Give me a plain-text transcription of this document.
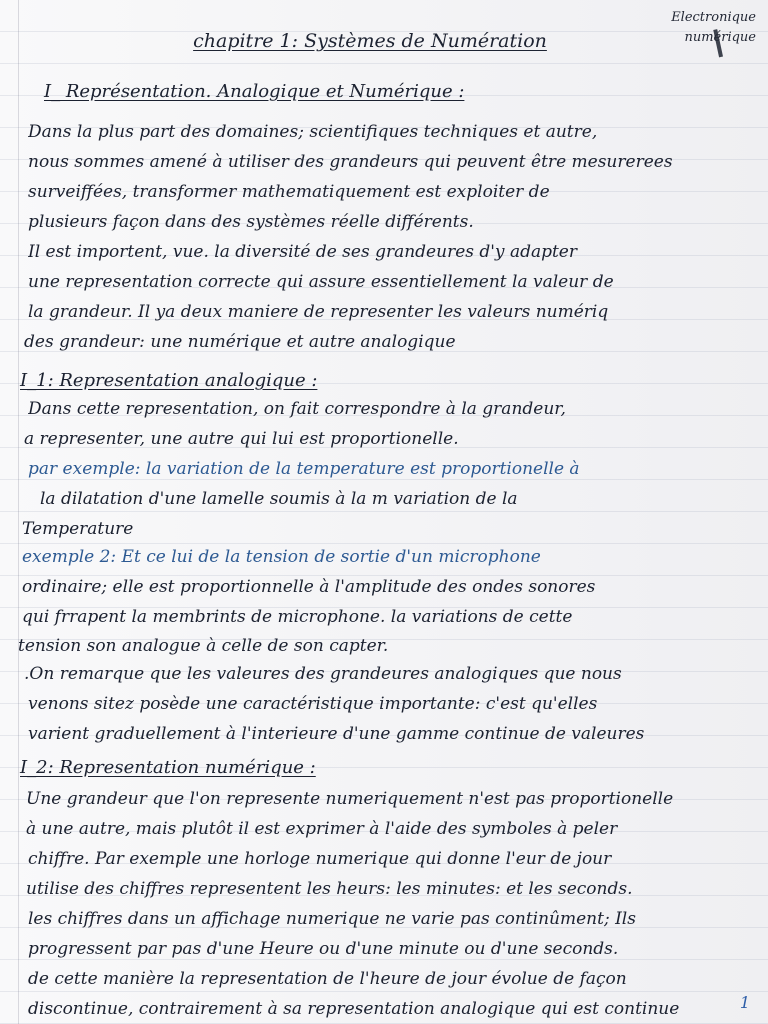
Electronique
numérique
chapitre 1: Systèmes de Numération
I_ Représentation. Analogique et Numérique :
Dans la plus part des domaines; scientifiques techniques et autre,
nous sommes amené à utiliser des grandeurs qui peuvent être mesurerees
surveiffées, transformer mathematiquement est exploiter de
plusieurs façon dans des systèmes réelle différents.
Il est importent, vue. la diversité de ses grandeures d'y adapter
une representation correcte qui assure essentiellement la valeur de
la grandeur. Il ya deux maniere de representer les valeurs numériq
des grandeur: une numérique et autre analogique
I_1: Representation analogique :
Dans cette representation, on fait correspondre à la grandeur,
a representer, une autre qui lui est proportionelle.
par exemple: la variation de la temperature est proportionelle à
la dilatation d'une lamelle soumis à la m variation de la
Temperature
exemple 2: Et ce lui de la tension de sortie d'un microphone
ordinaire; elle est proportionnelle à l'amplitude des ondes sonores
qui frrapent la membrints de microphone. la variations de cette
tension son analogue à celle de son capter.
.On remarque que les valeures des grandeures analogiques que nous
venons sitez posède une caractéristique importante: c'est qu'elles
varient graduellement à l'interieure d'une gamme continue de valeures
I_2: Representation numérique :
Une grandeur que l'on represente numeriquement n'est pas proportionelle
à une autre, mais plutôt il est exprimer à l'aide des symboles à peler
chiffre. Par exemple une horloge numerique qui donne l'eur de jour
utilise des chiffres representent les heurs: les minutes: et les seconds.
les chiffres dans un affichage numerique ne varie pas continûment; Ils
progressent par pas d'une Heure ou d'une minute ou d'une seconds.
de cette manière la representation de l'heure de jour évolue de façon
discontinue, contrairement à sa representation analogique qui est continue	1
